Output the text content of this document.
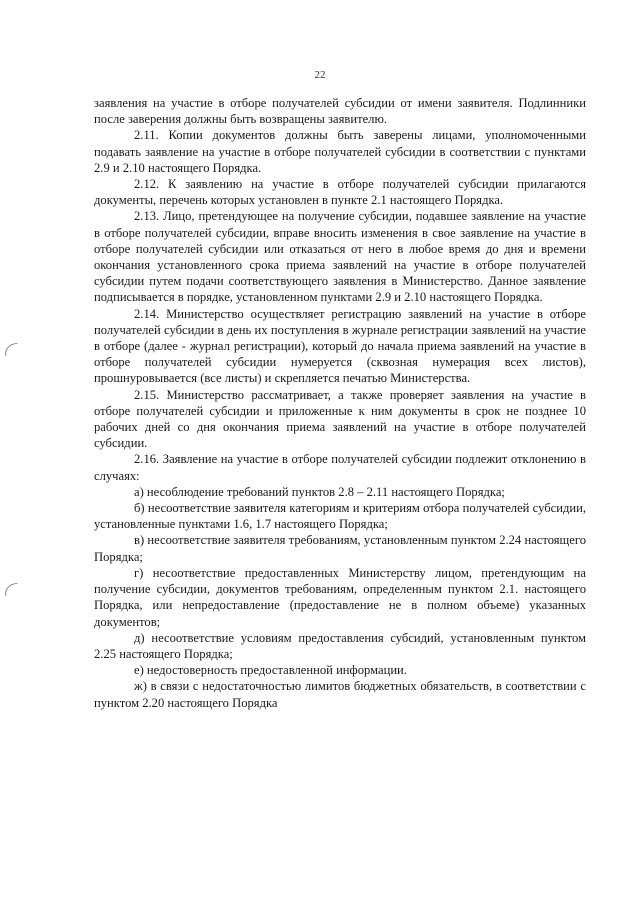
22

заявления на участие в отборе получателей субсидии от имени заявителя. Подлинники после заверения должны быть возвращены заявителю.

2.11. Копии документов должны быть заверены лицами, уполномоченными подавать заявление на участие в отборе получателей субсидии в соответствии с пунктами 2.9 и 2.10 настоящего Порядка.

2.12. К заявлению на участие в отборе получателей субсидии прилагаются документы, перечень которых установлен в пункте 2.1 настоящего Порядка.

2.13. Лицо, претендующее на получение субсидии, подавшее заявление на участие в отборе получателей субсидии, вправе вносить изменения в свое заявление на участие в отборе получателей субсидии или отказаться от него в любое время до дня и времени окончания установленного срока приема заявлений на участие в отборе получателей субсидии путем подачи соответствующего заявления в Министерство. Данное заявление подписывается в порядке, установленном пунктами 2.9 и 2.10 настоящего Порядка.

2.14. Министерство осуществляет регистрацию заявлений на участие в отборе получателей субсидии в день их поступления в журнале регистрации заявлений на участие в отборе (далее - журнал регистрации), который до начала приема заявлений на участие в отборе получателей субсидии нумеруется (сквозная нумерация всех листов), прошнуровывается (все листы) и скрепляется печатью Министерства.

2.15. Министерство рассматривает, а также проверяет заявления на участие в отборе получателей субсидии и приложенные к ним документы в срок не позднее 10 рабочих дней со дня окончания приема заявлений на участие в отборе получателей субсидии.

2.16. Заявление на участие в отборе получателей субсидии подлежит отклонению в случаях:

а) несоблюдение требований пунктов 2.8 – 2.11 настоящего Порядка;

б) несоответствие заявителя категориям и критериям отбора получателей субсидии, установленные пунктами 1.6, 1.7 настоящего Порядка;

в) несоответствие заявителя требованиям, установленным пунктом 2.24 настоящего Порядка;

г) несоответствие предоставленных Министерству лицом, претендующим на получение субсидии, документов требованиям, определенным пунктом 2.1. настоящего Порядка, или непредоставление (предоставление не в полном объеме) указанных документов;

д) несоответствие условиям предоставления субсидий, установленным пунктом 2.25 настоящего Порядка;

е) недостоверность предоставленной информации.

ж) в связи с недостаточностью лимитов бюджетных обязательств, в соответствии с пунктом 2.20 настоящего Порядка
